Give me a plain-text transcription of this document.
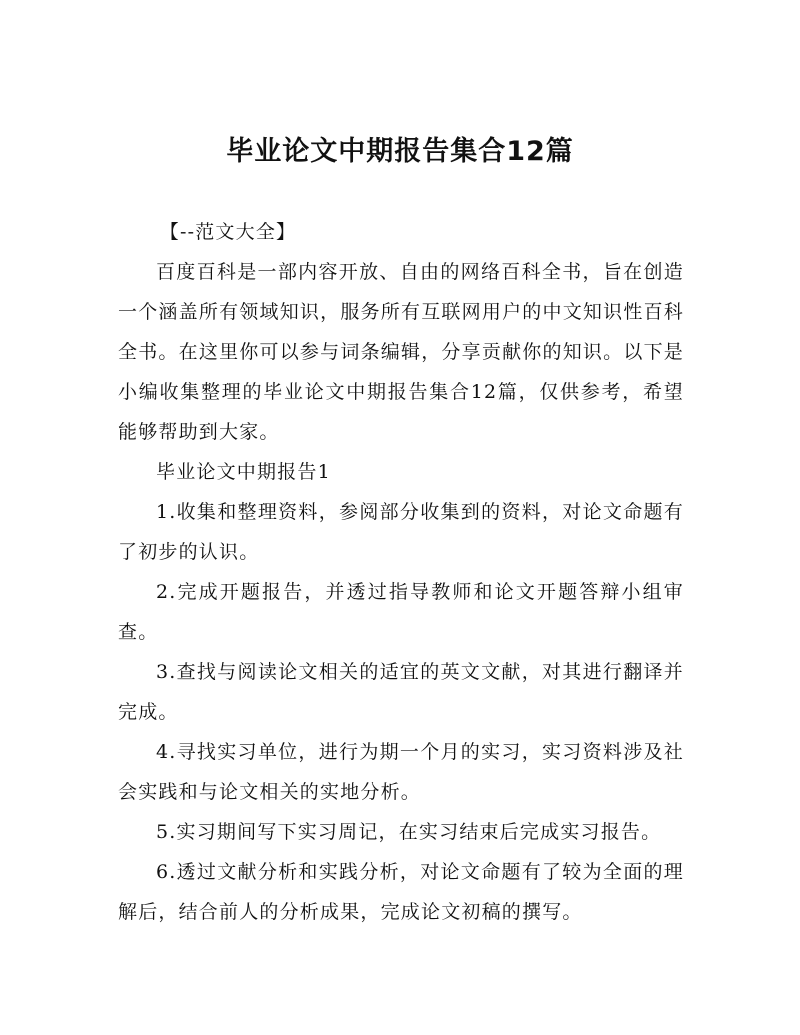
毕业论文中期报告集合12篇

【--范文大全】

百度百科是一部内容开放、自由的网络百科全书，旨在创造一个涵盖所有领域知识，服务所有互联网用户的中文知识性百科全书。在这里你可以参与词条编辑，分享贡献你的知识。以下是小编收集整理的毕业论文中期报告集合12篇，仅供参考，希望能够帮助到大家。

毕业论文中期报告1

1.收集和整理资料，参阅部分收集到的资料，对论文命题有了初步的认识。

2.完成开题报告，并透过指导教师和论文开题答辩小组审查。

3.查找与阅读论文相关的适宜的英文文献，对其进行翻译并完成。

4.寻找实习单位，进行为期一个月的实习，实习资料涉及社会实践和与论文相关的实地分析。

5.实习期间写下实习周记，在实习结束后完成实习报告。

6.透过文献分析和实践分析，对论文命题有了较为全面的理解后，结合前人的分析成果，完成论文初稿的撰写。
